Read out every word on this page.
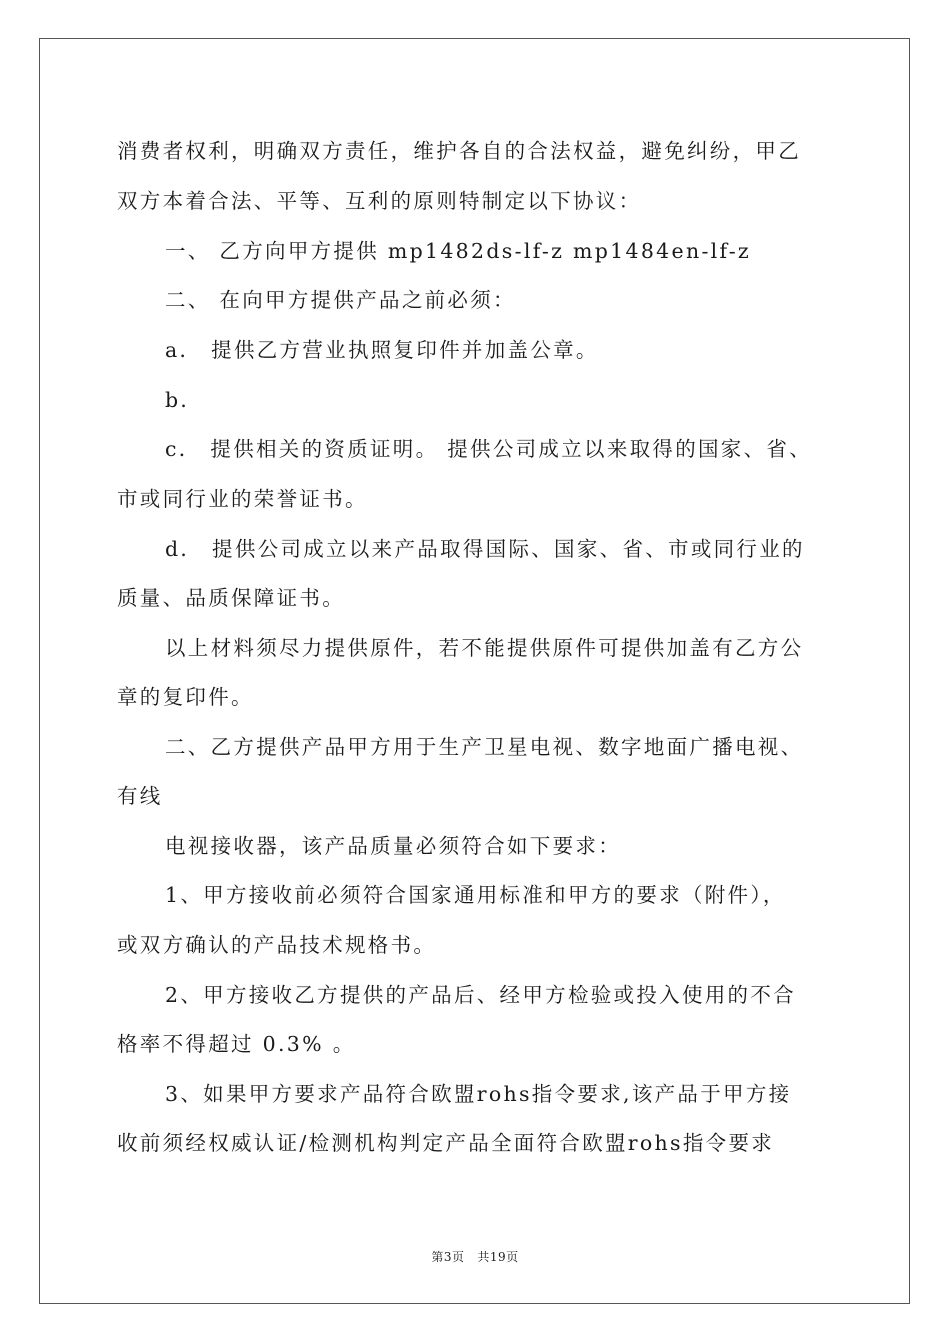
消费者权利，明确双方责任，维护各自的合法权益，避免纠纷，甲乙
双方本着合法、平等、互利的原则特制定以下协议：
一、 乙方向甲方提供 mp1482ds-lf-z mp1484en-lf-z
二、 在向甲方提供产品之前必须：
a． 提供乙方营业执照复印件并加盖公章。
b．
c． 提供相关的资质证明。 提供公司成立以来取得的国家、省、
市或同行业的荣誉证书。
d． 提供公司成立以来产品取得国际、国家、省、市或同行业的
质量、品质保障证书。
以上材料须尽力提供原件，若不能提供原件可提供加盖有乙方公
章的复印件。
二、乙方提供产品甲方用于生产卫星电视、数字地面广播电视、
有线
电视接收器，该产品质量必须符合如下要求：
1、甲方接收前必须符合国家通用标准和甲方的要求（附件），
或双方确认的产品技术规格书。
2、甲方接收乙方提供的产品后、经甲方检验或投入使用的不合
格率不得超过 0.3% 。
3、如果甲方要求产品符合欧盟rohs指令要求,该产品于甲方接
收前须经权威认证/检测机构判定产品全面符合欧盟rohs指令要求
第3页   共19页
